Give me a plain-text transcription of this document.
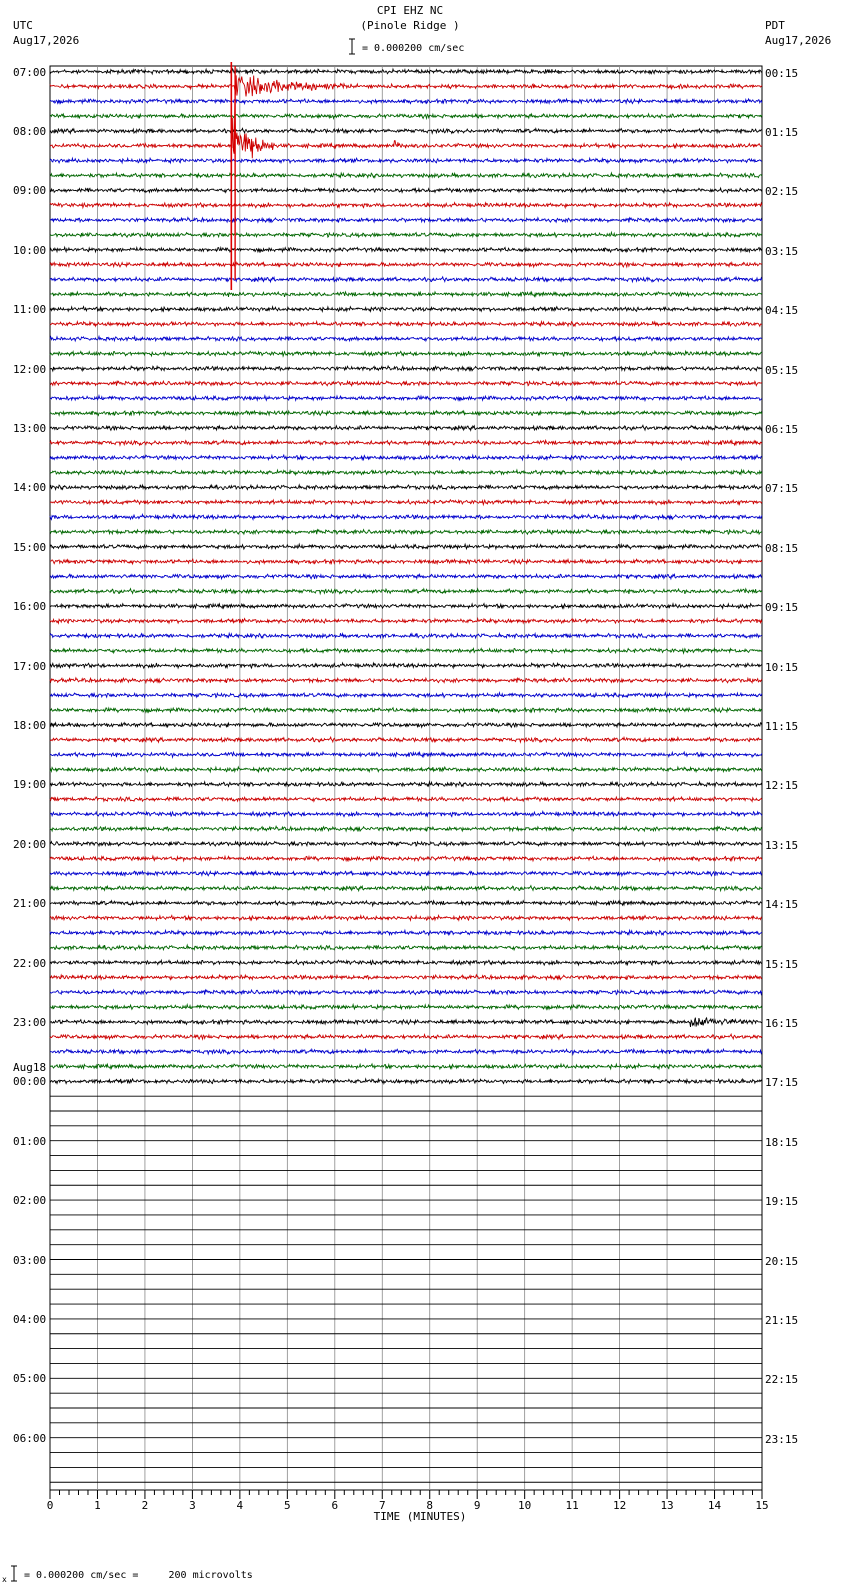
CPI EHZ NC
(Pinole Ridge )
= 0.000200 cm/sec
UTC
Aug17,2026
PDT
Aug17,2026
07:00
08:00
09:00
10:00
11:00
12:00
13:00
14:00
15:00
16:00
17:00
18:00
19:00
20:00
21:00
22:00
23:00
00:00
Aug18
01:00
02:00
03:00
04:00
05:00
06:00
00:15
01:15
02:15
03:15
04:15
05:15
06:15
07:15
08:15
09:15
10:15
11:15
12:15
13:15
14:15
15:15
16:15
17:15
18:15
19:15
20:15
21:15
22:15
23:15
0	1	2	3	4	5	6	7	8	9	10	11	12	13	14	15
TIME (MINUTES)
x = 0.000200 cm/sec =     200 microvolts
